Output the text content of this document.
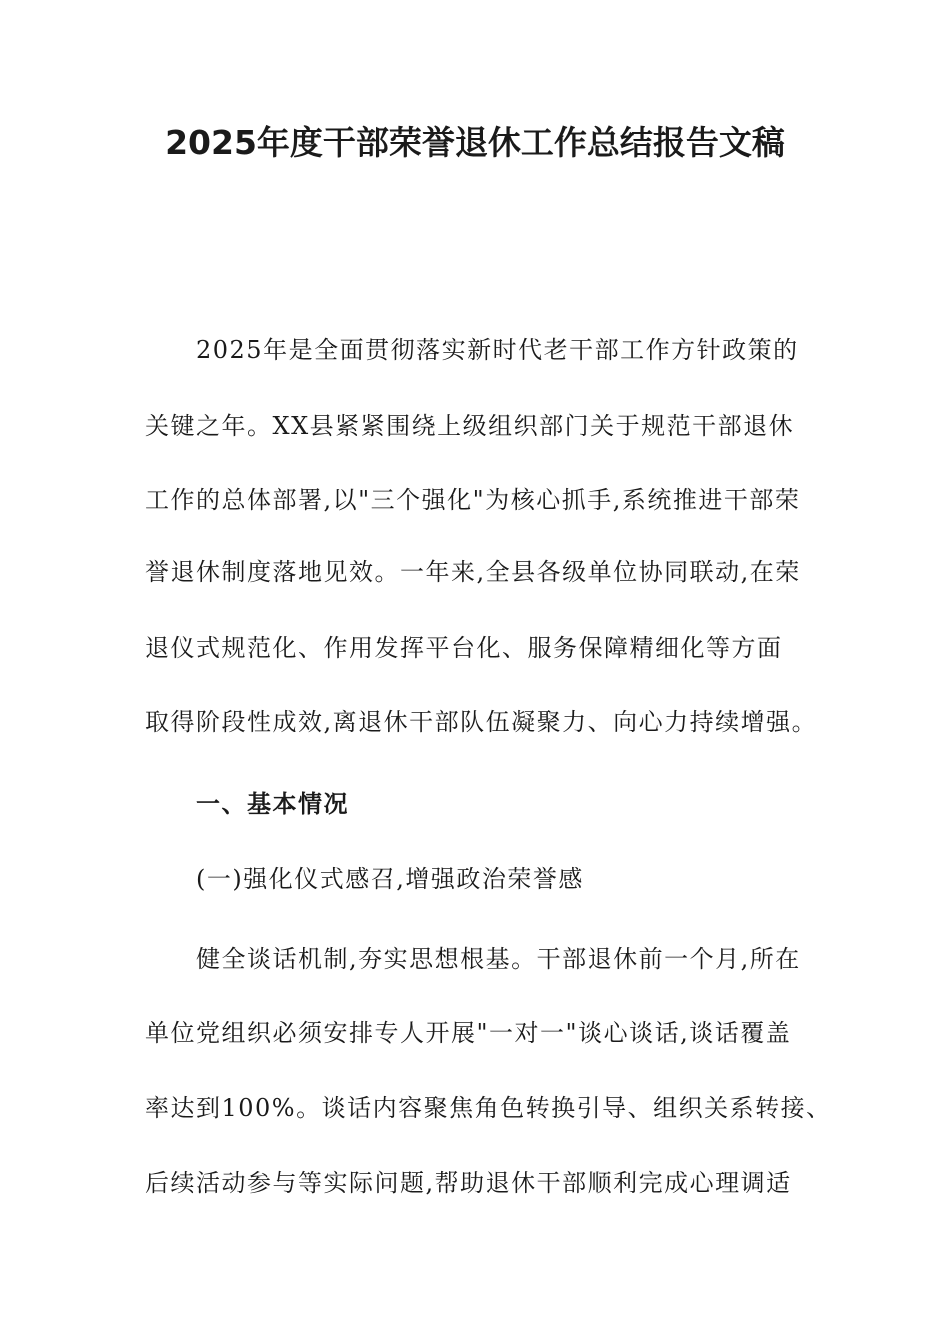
2025年度干部荣誉退休工作总结报告文稿

2025年是全面贯彻落实新时代老干部工作方针政策的

关键之年。XX县紧紧围绕上级组织部门关于规范干部退休

工作的总体部署,以"三个强化"为核心抓手,系统推进干部荣

誉退休制度落地见效。一年来,全县各级单位协同联动,在荣

退仪式规范化、作用发挥平台化、服务保障精细化等方面

取得阶段性成效,离退休干部队伍凝聚力、向心力持续增强。

一、基本情况

(一)强化仪式感召,增强政治荣誉感

健全谈话机制,夯实思想根基。干部退休前一个月,所在

单位党组织必须安排专人开展"一对一"谈心谈话,谈话覆盖

率达到100%。谈话内容聚焦角色转换引导、组织关系转接、

后续活动参与等实际问题,帮助退休干部顺利完成心理调适
